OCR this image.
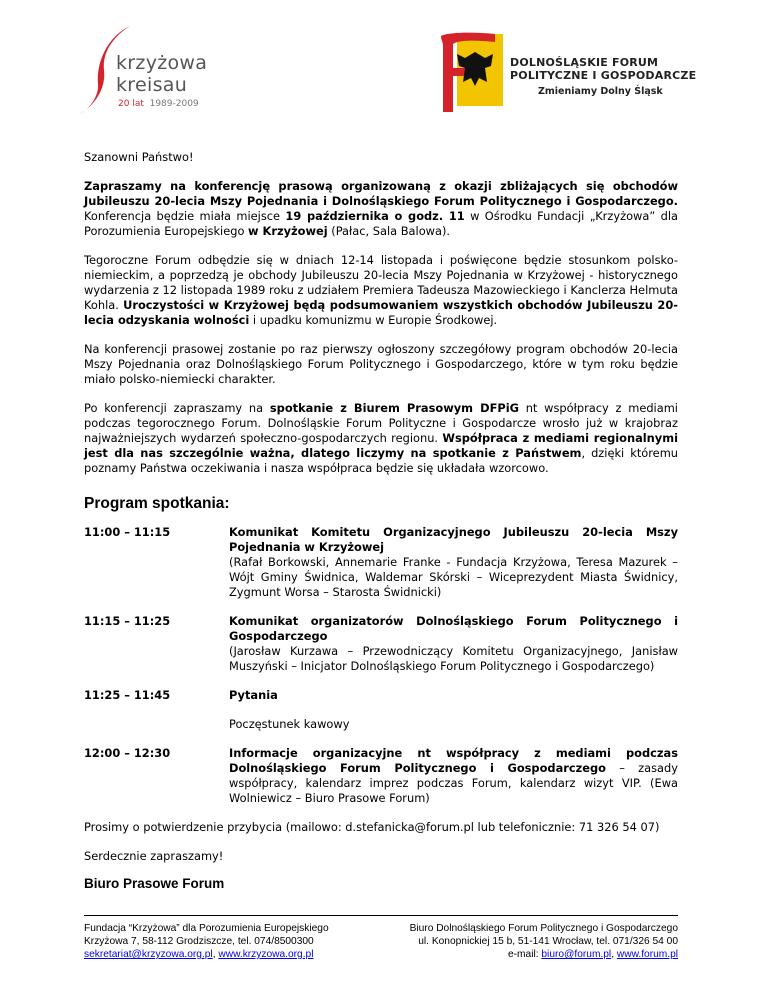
krzyżowa
kreisau
20 lat 1989-2009
DOLNOŚLĄSKIE FORUM
POLITYCZNE I GOSPODARCZE
Zmieniamy Dolny Śląsk

Szanowni Państwo!

Zapraszamy na konferencję prasową organizowaną z okazji zbliżających się obchodów Jubileuszu 20-lecia Mszy Pojednania i Dolnośląskiego Forum Politycznego i Gospodarczego. Konferencja będzie miała miejsce 19 października o godz. 11 w Ośrodku Fundacji „Krzyżowa” dla Porozumienia Europejskiego w Krzyżowej (Pałac, Sala Balowa).

Tegoroczne Forum odbędzie się w dniach 12-14 listopada i poświęcone będzie stosunkom polsko-niemieckim, a poprzedzą je obchody Jubileuszu 20-lecia Mszy Pojednania w Krzyżowej - historycznego wydarzenia z 12 listopada 1989 roku z udziałem Premiera Tadeusza Mazowieckiego i Kanclerza Helmuta Kohla. Uroczystości w Krzyżowej będą podsumowaniem wszystkich obchodów Jubileuszu 20-lecia odzyskania wolności i upadku komunizmu w Europie Środkowej.

Na konferencji prasowej zostanie po raz pierwszy ogłoszony szczegółowy program obchodów 20-lecia Mszy Pojednania oraz Dolnośląskiego Forum Politycznego i Gospodarczego, które w tym roku będzie miało polsko-niemiecki charakter.

Po konferencji zapraszamy na spotkanie z Biurem Prasowym DFPiG nt współpracy z mediami podczas tegorocznego Forum. Dolnośląskie Forum Polityczne i Gospodarcze wrosło już w krajobraz najważniejszych wydarzeń społeczno-gospodarczych regionu. Współpraca z mediami regionalnymi jest dla nas szczególnie ważna, dlatego liczymy na spotkanie z Państwem, dzięki któremu poznamy Państwa oczekiwania i nasza współpraca będzie się układała wzorcowo.

Program spotkania:
11:00 – 11:15	Komunikat Komitetu Organizacyjnego Jubileuszu 20-lecia Mszy Pojednania w Krzyżowej
(Rafał Borkowski, Annemarie Franke - Fundacja Krzyżowa, Teresa Mazurek – Wójt Gminy Świdnica, Waldemar Skórski – Wiceprezydent Miasta Świdnicy, Zygmunt Worsa – Starosta Świdnicki)
11:15 – 11:25	Komunikat organizatorów Dolnośląskiego Forum Politycznego i Gospodarczego
(Jarosław Kurzawa – Przewodniczący Komitetu Organizacyjnego, Janisław Muszyński – Inicjator Dolnośląskiego Forum Politycznego i Gospodarczego)
11:25 – 11:45	Pytania
Poczęstunek kawowy
12:00 – 12:30	Informacje organizacyjne nt współpracy z mediami podczas Dolnośląskiego Forum Politycznego i Gospodarczego – zasady współpracy, kalendarz imprez podczas Forum, kalendarz wizyt VIP. (Ewa Wolniewicz – Biuro Prasowe Forum)

Prosimy o potwierdzenie przybycia (mailowo: d.stefanicka@forum.pl lub telefonicznie: 71 326 54 07)

Serdecznie zapraszamy!

Biuro Prasowe Forum
Fundacja “Krzyżowa” dla Porozumienia Europejskiego
Krzyżowa 7, 58-112 Grodziszcze, tel. 074/8500300
sekretariat@krzyzowa.org.pl, www.krzyzowa.org.pl
Biuro Dolnośląskiego Forum Politycznego i Gospodarczego
ul. Konopnickiej 15 b, 51-141 Wrocław, tel. 071/326 54 00
e-mail: biuro@forum.pl, www.forum.pl
